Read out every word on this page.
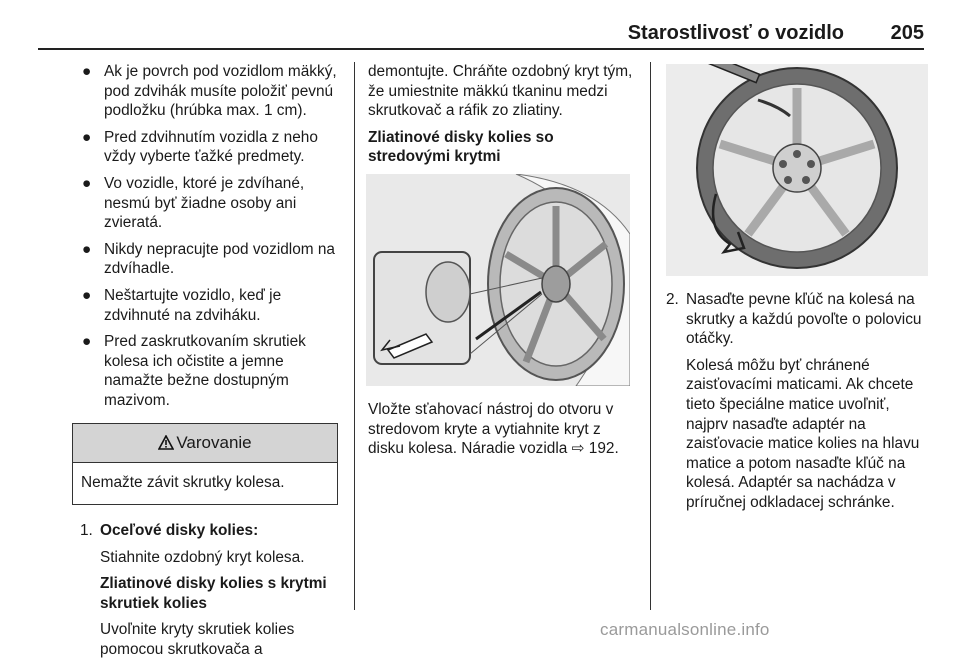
Starostlivosť o vozidlo 205
● Ak je povrch pod vozidlom mäkký, pod zdvihák musíte položiť pevnú podložku (hrúbka max. 1 cm).
● Pred zdvihnutím vozidla z neho vždy vyberte ťažké predmety.
● Vo vozidle, ktoré je zdvíhané, nesmú byť žiadne osoby ani zvieratá.
● Nikdy nepracujte pod vozidlom na zdvíhadle.
● Neštartujte vozidlo, keď je zdvihnuté na zdviháku.
● Pred zaskrutkovaním skrutiek kolesa ich očistite a jemne namažte bežne dostupným mazivom.
Varovanie
Nemažte závit skrutky kolesa.
1. Oceľové disky kolies:

Stiahnite ozdobný kryt kolesa.

Zliatinové disky kolies s krytmi skrutiek kolies

Uvoľnite kryty skrutiek kolies pomocou skrutkovača a

demontujte. Chráňte ozdobný kryt tým, že umiestnite mäkkú tkaninu medzi skrutkovač a ráfik zo zliatiny.

Zliatinové disky kolies so stredovými krytmi

Vložte sťahovací nástroj do otvoru v stredovom kryte a vytiahnite kryt z disku kolesa. Náradie vozidla ⇨ 192.

2. Nasaďte pevne kľúč na kolesá na skrutky a každú povoľte o polovicu otáčky.

Kolesá môžu byť chránené zaisťovacími maticami. Ak chcete tieto špeciálne matice uvoľniť, najprv nasaďte adaptér na zaisťovacie matice kolies na hlavu matice a potom nasaďte kľúč na kolesá. Adaptér sa nachádza v príručnej odkladacej schránke.

carmanualsonline.info
